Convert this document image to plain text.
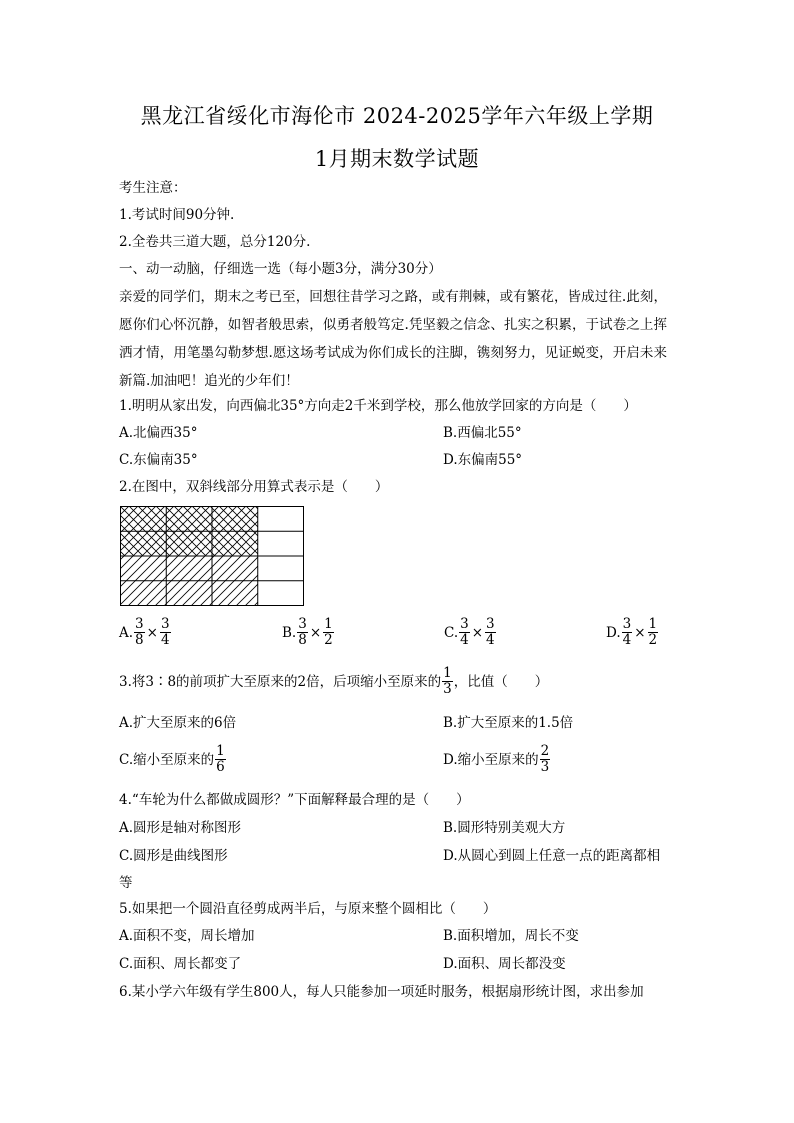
黑龙江省绥化市海伦市 2024-2025学年六年级上学期
1月期末数学试题
考生注意：
1.考试时间90分钟.
2.全卷共三道大题，总分120分.
一、动一动脑，仔细选一选（每小题3分，满分30分）
亲爱的同学们，期末之考已至，回想往昔学习之路，或有荆棘，或有繁花，皆成过往.此刻，愿你们心怀沉静，如智者般思索，似勇者般笃定.凭坚毅之信念、扎实之积累，于试卷之上挥洒才情，用笔墨勾勒梦想.愿这场考试成为你们成长的注脚，镌刻努力，见证蜕变，开启未来新篇.加油吧！追光的少年们！
1.明明从家出发，向西偏北35°方向走2千米到学校，那么他放学回家的方向是（　　）
A.北偏西35°	B.西偏北55°
C.东偏南35°	D.东偏南55°
2.在图中，双斜线部分用算式表示是（　　）
A. $\frac{3}{8} \times \frac{3}{4}$	B. $\frac{3}{8} \times \frac{1}{2}$	C. $\frac{3}{4} \times \frac{3}{4}$	D. $\frac{3}{4} \times \frac{1}{2}$
3.将3∶8的前项扩大至原来的2倍，后项缩小至原来的 $\frac{1}{3}$ ，比值（　　）
A.扩大至原来的6倍	B.扩大至原来的1.5倍
C.缩小至原来的 $\frac{1}{6}$	D.缩小至原来的 $\frac{2}{3}$
4.“车轮为什么都做成圆形？”下面解释最合理的是（　　）
A.圆形是轴对称图形	B.圆形特别美观大方
C.圆形是曲线图形	D.从圆心到圆上任意一点的距离都相
等
5.如果把一个圆沿直径剪成两半后，与原来整个圆相比（　　）
A.面积不变，周长增加	B.面积增加，周长不变
C.面积、周长都变了	D.面积、周长都没变
6.某小学六年级有学生800人，每人只能参加一项延时服务，根据扇形统计图，求出参加
